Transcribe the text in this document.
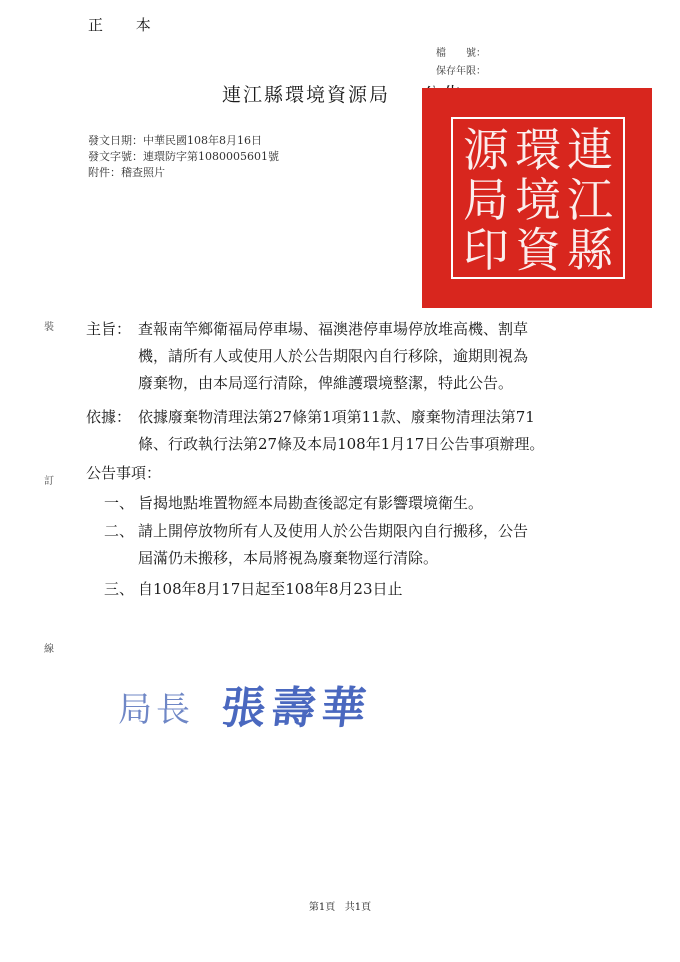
正 本
檔　　號：
保存年限：
連江縣環境資源局
連
江
縣
環
境
資
源
局
印
發文日期：中華民國108年8月16日
發文字號：連環防字第1080005601號
附件：稽查照片
裝
訂
線
主旨： 查報南竿鄉衛福局停車場、福澳港停車場停放堆高機、割草
機，請所有人或使用人於公告期限內自行移除，逾期則視為
廢棄物，由本局逕行清除，俾維護環境整潔，特此公告。
依據： 依據廢棄物清理法第27條第1項第11款、廢棄物清理法第71
條、行政執行法第27條及本局108年1月17日公告事項辦理。
公告事項：
一、 旨揭地點堆置物經本局勘查後認定有影響環境衛生。
二、 請上開停放物所有人及使用人於公告期限內自行搬移，公告
屆滿仍未搬移，本局將視為廢棄物逕行清除。
三、 自108年8月17日起至108年8月23日止
局長 張壽華
第1頁 共1頁
